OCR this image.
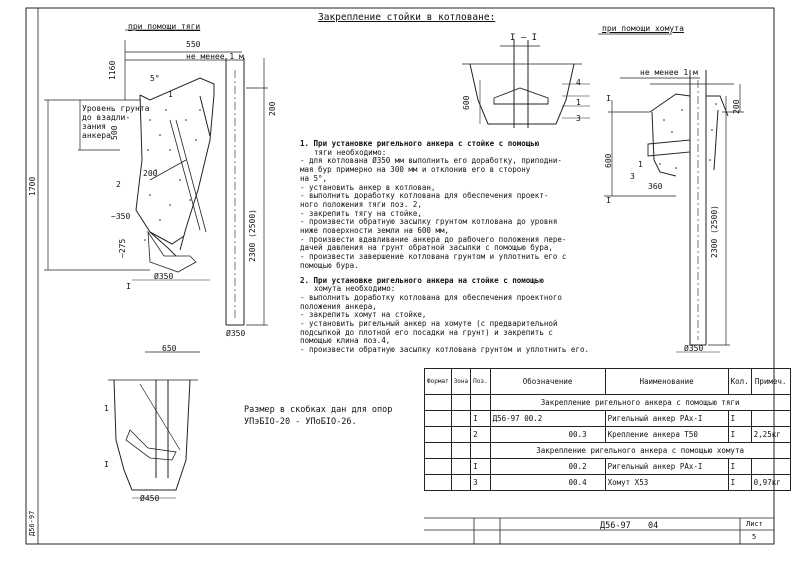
Закрепление стойки в котловане:
при помощи тяги
550
не менее 1 м
1160	5°
200
1700
500
200
~350
~275
Ø350
Ø350
2300 (2500)
Уровень грунта
до взадли-
зания
анкера
1
2
I
650
1
I
Ø450
I – I
600
4
1
3
при помощи хомута
не менее 1 м
200
600
360
2300 (2500)
Ø350
I
I
3
1
1. При установке ригельного анкера с стойке с помощью
тяги необходимо:
- для котлована Ø350 мм выполнить его доработку, приподни-
мая бур примерно на 300 мм и отклонив его в сторону
на 5°,
- установить анкер в котлован,
- выполнить доработку котлована для обеспечения проект-
ного положения тяги поз. 2,
- закрепить тягу на стойке,
- произвести обратную засыпку грунтом котлована до уровня
ниже поверхности земли на 600 мм,
- произвести вдавливание анкера до рабочего положения пере-
дачей давления на грунт обратной засыпки с помощью бура,
- произвести завершение котлована грунтом и уплотнить его с
помощью бура.
2. При установке ригельного анкера на стойке с помощью
хомута необходимо:
- выполнить доработку котлована для обеспечения проектного
положения анкера,
- закрепить хомут на стойке,
- установить ригельный анкер на хомуте (с предварительной
подсыпкой до плотной его посадки на грунт) и закрепить с
помощью клина поз.4,
- произвести обратную засыпку котлована грунтом и уплотнить его.
Размер в скобках дан для опор
УПэБIО-20 - УПоБIО-26.
Формат	Зона	Поз.	Обозначение	Наименование	Кол.	Примеч.
			Закрепление ригельного анкера с помощью тяги			
		I	Д56-97 00.2	Ригельный анкер РАх-I	I	
		2	00.3	Крепление анкера Т50	I	2,25кг
			Закрепление ригельного анкера с помощью хомута			
		I	00.2	Ригельный анкер РАх-I	I	
		3	00.4	Хомут Х53	I	0,97кг
Д56-97 04	Лист
5
Д56-97
